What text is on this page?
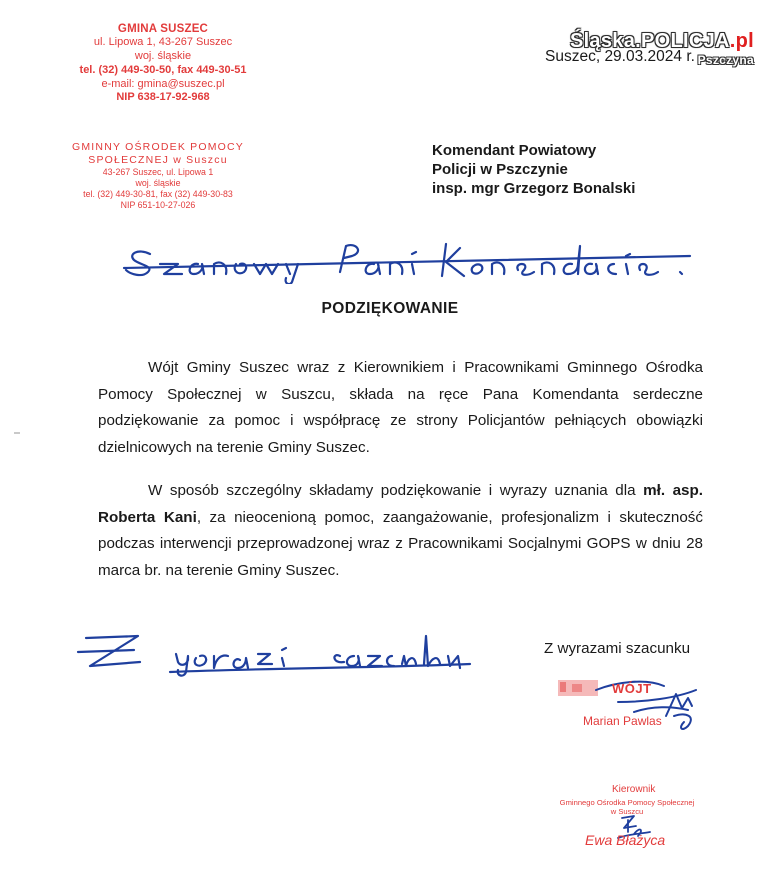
GMINA SUSZEC
ul. Lipowa 1, 43-267 Suszec
woj. śląskie
tel. (32) 449-30-50, fax 449-30-51
e-mail: gmina@suszec.pl
NIP 638-17-92-968
GMINNY OŚRODEK POMOCY
SPOŁECZNEJ w Suszcu
43-267 Suszec, ul. Lipowa 1
woj. śląskie
tel. (32) 449-30-81, fax (32) 449-30-83
NIP 651-10-27-026
Śląska.POLICJA.pl
Pszczyna
Suszec, 29.03.2024 r.
Komendant Powiatowy
Policji w Pszczynie
insp. mgr Grzegorz Bonalski
PODZIĘKOWANIE
Wójt Gminy Suszec wraz z Kierownikiem i Pracownikami Gminnego Ośrodka Pomocy Społecznej w Suszcu, składa na ręce Pana Komendanta serdeczne podziękowanie za pomoc i współpracę ze strony Policjantów pełniących obowiązki dzielnicowych na terenie Gminy Suszec.
W sposób szczególny składamy podziękowanie i wyrazy uznania dla mł. asp. Roberta Kani, za nieocenioną pomoc, zaangażowanie, profesjonalizm i skuteczność podczas interwencji przeprowadzonej wraz z Pracownikami Socjalnymi GOPS w dniu 28 marca br. na terenie Gminy Suszec.
Z wyrazami szacunku
WÓJT
Marian Pawlas
Kierownik
Gminnego Ośrodka Pomocy Społecznej
w Suszcu
Ewa Błażyca
